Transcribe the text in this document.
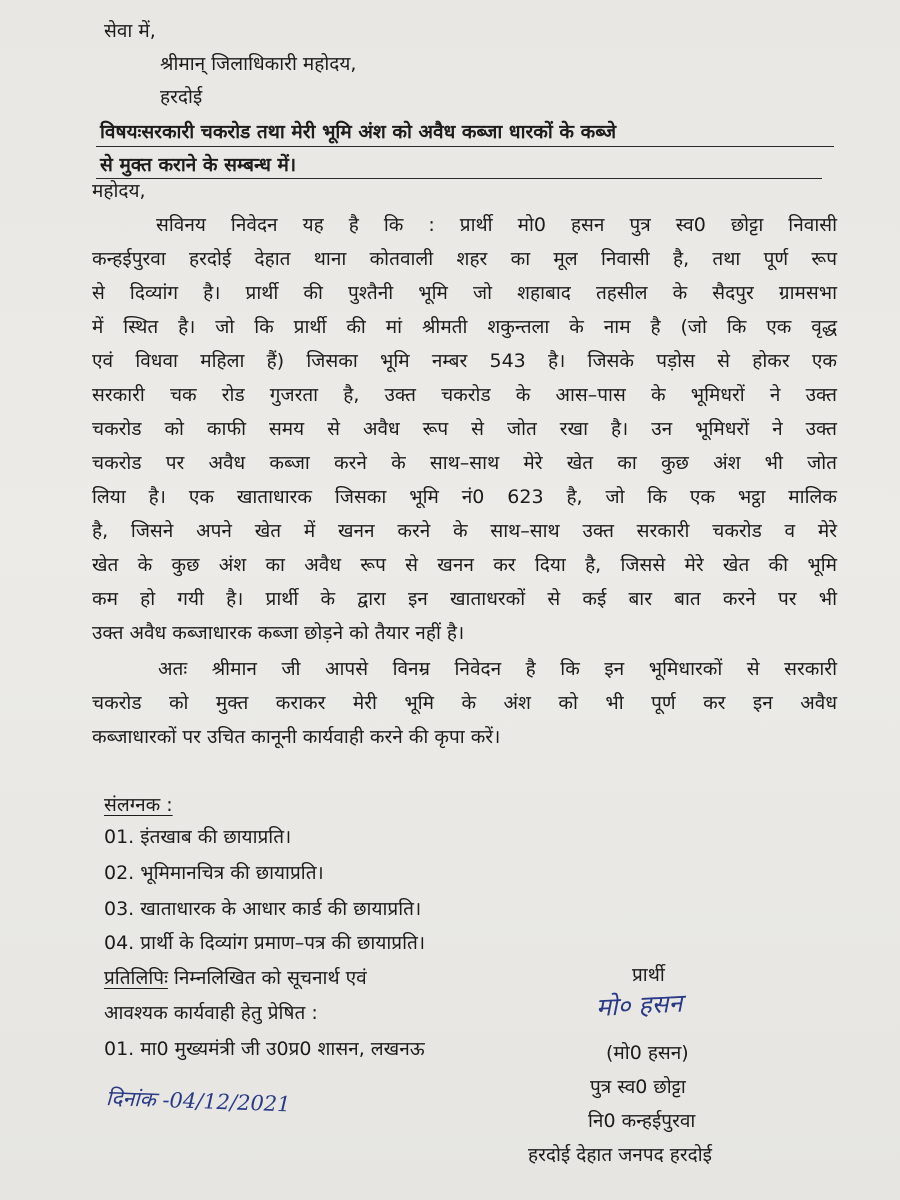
सेवा में,
श्रीमान् जिलाधिकारी महोदय,
हरदोई
विषयःसरकारी चकरोड तथा मेरी भूमि अंश को अवैध कब्जा धारकों के कब्जे
से मुक्त कराने के सम्बन्ध में।
महोदय,
सविनय निवेदन यह है कि : प्रार्थी मो0 हसन पुत्र स्व0 छोट्टा निवासी
कन्हईपुरवा हरदोई देहात थाना कोतवाली शहर का मूल निवासी है, तथा पूर्ण रूप
से दिव्यांग है। प्रार्थी की पुश्तैनी भूमि जो शहाबाद तहसील के सैदपुर ग्रामसभा
में स्थित है। जो कि प्रार्थी की मां श्रीमती शकुन्तला के नाम है (जो कि एक वृद्ध
एवं विधवा महिला हैं) जिसका भूमि नम्बर 543 है। जिसके पड़ोस से होकर एक
सरकारी चक रोड गुजरता है, उक्त चकरोड के आस–पास के भूमिधरों ने उक्त
चकरोड को काफी समय से अवैध रूप से जोत रखा है। उन भूमिधरों ने उक्त
चकरोड पर अवैध कब्जा करने के साथ–साथ मेरे खेत का कुछ अंश भी जोत
लिया है। एक खाताधारक जिसका भूमि नं0 623 है, जो कि एक भट्ठा मालिक
है, जिसने अपने खेत में खनन करने के साथ–साथ उक्त सरकारी चकरोड व मेरे
खेत के कुछ अंश का अवैध रूप से खनन कर दिया है, जिससे मेरे खेत की भूमि
कम हो गयी है। प्रार्थी के द्वारा इन खाताधरकों से कई बार बात करने पर भी
उक्त अवैध कब्जाधारक कब्जा छोड़ने को तैयार नहीं है।
अतः श्रीमान जी आपसे विनम्र निवेदन है कि इन भूमिधारकों से सरकारी
चकरोड को मुक्त कराकर मेरी भूमि के अंश को भी पूर्ण कर इन अवैध
कब्जाधारकों पर उचित कानूनी कार्यवाही करने की कृपा करें।
संलग्नक :
01. इंतखाब की छायाप्रति।
02. भूमिमानचित्र की छायाप्रति।
03. खाताधारक के आधार कार्ड की छायाप्रति।
04. प्रार्थी के दिव्यांग प्रमाण–पत्र की छायाप्रति।
प्रतिलिपिः निम्नलिखित को सूचनार्थ एवं
आवश्यक कार्यवाही हेतु प्रेषित :
01. मा0 मुख्यमंत्री जी उ0प्र0 शासन, लखनऊ
दिनांक -04/12/2021
प्रार्थी
मो० हसन
(मो0 हसन)
पुत्र स्व0 छोट्टा
नि0 कन्हईपुरवा
हरदोई देहात जनपद हरदोई
